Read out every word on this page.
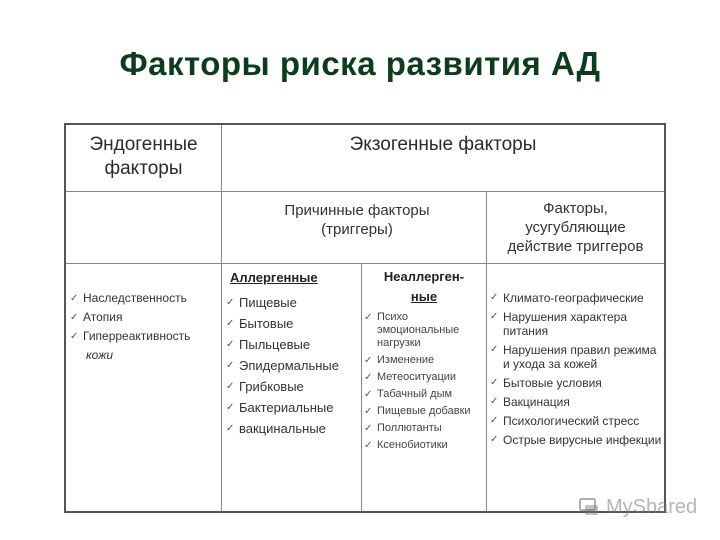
Факторы риска развития АД
Эндогенные факторы
Экзогенные факторы
Причинные факторы (триггеры)
Факторы, усугубляющие действие триггеров
✓ Наследственность
✓ Атопия
✓ Гиперреактивность
кожи
Аллергенные
✓ Пищевые
✓ Бытовые
✓ Пыльцевые
✓ Эпидермальные
✓ Грибковые
✓ Бактериальные
✓ вакцинальные
Неаллерген-
ные
✓ Психо эмоциональные нагрузки
✓ Изменение
✓ Метеоситуации
✓ Табачный дым
✓ Пищевые добавки
✓ Поллютанты
✓ Ксенобиотики
✓ Климато-географические
✓ Нарушения характера питания
✓ Нарушения правил режима и ухода за кожей
✓ Бытовые условия
✓ Вакцинация
✓ Психологический стресс
✓ Острые вирусные инфекции
MyShared
